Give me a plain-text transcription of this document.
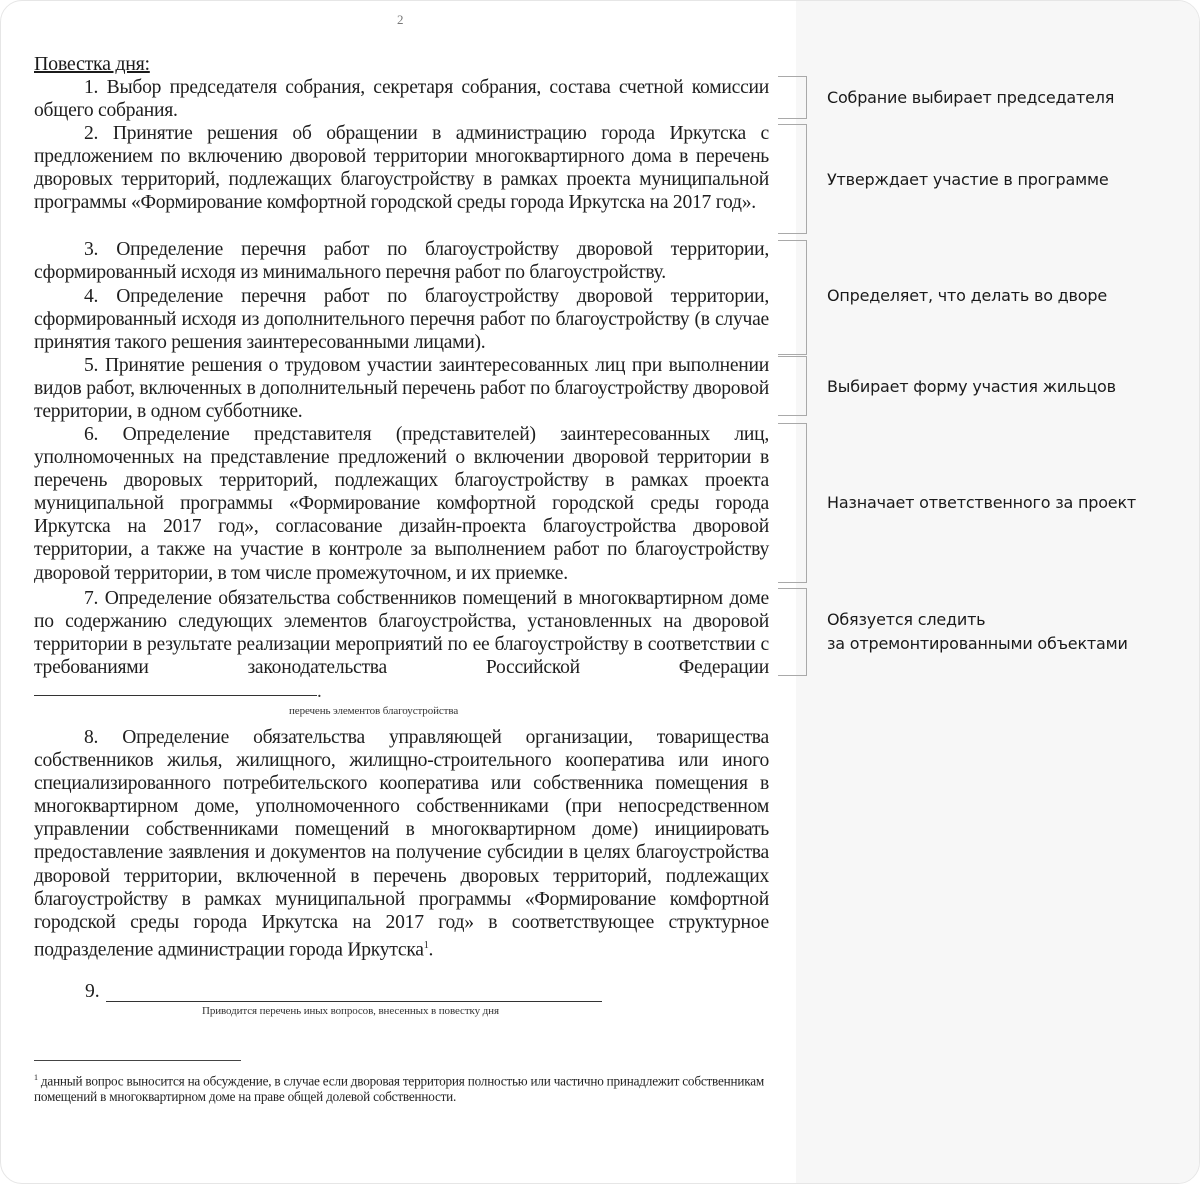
2
Повестка дня:
1. Выбор председателя собрания, секретаря собрания, состава счетной комиссии общего собрания.
2. Принятие решения об обращении в администрацию города Иркутска с предложением по включению дворовой территории многоквартирного дома в перечень дворовых территорий, подлежащих благоустройству в рамках проекта муниципальной программы «Формирование комфортной городской среды города Иркутска на 2017 год».
3. Определение перечня работ по благоустройству дворовой территории, сформированный исходя из минимального перечня работ по благоустройству.
4. Определение перечня работ по благоустройству дворовой территории, сформированный исходя из дополнительного перечня работ по благоустройству (в случае принятия такого решения заинтересованными лицами).
5. Принятие решения о трудовом участии заинтересованных лиц при выполнении видов работ, включенных в дополнительный перечень работ по благоустройству дворовой территории, в одном субботнике.
6. Определение представителя (представителей) заинтересованных лиц, уполномоченных на представление предложений о включении дворовой территории в перечень дворовых территорий, подлежащих благоустройству в рамках проекта муниципальной программы «Формирование комфортной городской среды города Иркутска на 2017 год», согласование дизайн-проекта благоустройства дворовой территории, а также на участие в контроле за выполнением работ по благоустройству дворовой территории, в том числе промежуточном, и их приемке.
7. Определение обязательства собственников помещений в многоквартирном доме по содержанию следующих элементов благоустройства, установленных на дворовой территории в результате реализации мероприятий по ее благоустройству в соответствии с требованиями законодательства Российской Федерации
.
перечень элементов благоустройства
8. Определение обязательства управляющей организации, товарищества собственников жилья, жилищного, жилищно-строительного кооператива или иного специализированного потребительского кооператива или собственника помещения в многоквартирном доме, уполномоченного собственниками (при непосредственном управлении собственниками помещений в многоквартирном доме) инициировать предоставление заявления и документов на получение субсидии в целях благоустройства дворовой территории, включенной в перечень дворовых территорий, подлежащих благоустройству в рамках муниципальной программы «Формирование комфортной городской среды города Иркутска на 2017 год» в соответствующее структурное подразделение администрации города Иркутска$^1$.
9.
Приводится перечень иных вопросов, внесенных в повестку дня
$^1$ данный вопрос выносится на обсуждение, в случае если дворовая территория полностью или частично принадлежит собственникам помещений в многоквартирном доме на праве общей долевой собственности.
Собрание выбирает председателя
Утверждает участие в программе
Определяет, что делать во дворе
Выбирает форму участия жильцов
Назначает ответственного за проект
Обязуется следить
за отремонтированными объектами
